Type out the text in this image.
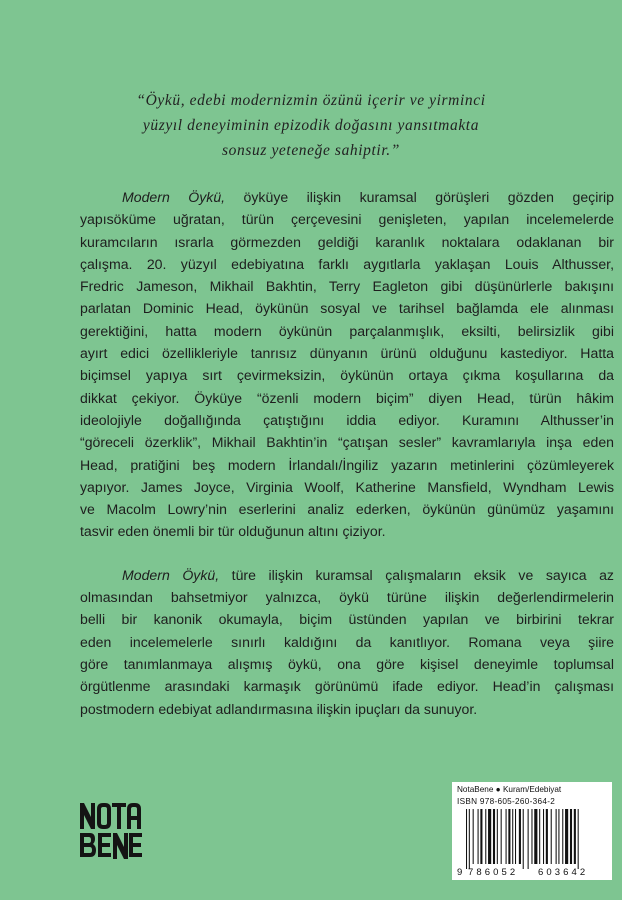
“Öykü, edebi modernizmin özünü içerir ve yirminci
yüzyıl deneyiminin epizodik doğasını yansıtmakta
sonsuz yeteneğe sahiptir.”
Modern Öykü, öyküye ilişkin kuramsal görüşleri gözden geçirip
yapısöküme uğratan, türün çerçevesini genişleten, yapılan incelemelerde
kuramcıların ısrarla görmezden geldiği karanlık noktalara odaklanan bir
çalışma. 20. yüzyıl edebiyatına farklı aygıtlarla yaklaşan Louis Althusser,
Fredric Jameson, Mikhail Bakhtin, Terry Eagleton gibi düşünürlerle bakışını
parlatan Dominic Head, öykünün sosyal ve tarihsel bağlamda ele alınması
gerektiğini, hatta modern öykünün parçalanmışlık, eksilti, belirsizlik gibi
ayırt edici özellikleriyle tanrısız dünyanın ürünü olduğunu kastediyor. Hatta
biçimsel yapıya sırt çevirmeksizin, öykünün ortaya çıkma koşullarına da
dikkat çekiyor. Öyküye “özenli modern biçim” diyen Head, türün hâkim
ideolojiyle doğallığında çatıştığını iddia ediyor. Kuramını Althusser’in
“göreceli özerklik”, Mikhail Bakhtin’in “çatışan sesler” kavramlarıyla inşa eden
Head, pratiğini beş modern İrlandalı/İngiliz yazarın metinlerini çözümleyerek
yapıyor. James Joyce, Virginia Woolf, Katherine Mansfield, Wyndham Lewis
ve Macolm Lowry’nin eserlerini analiz ederken, öykünün günümüz yaşamını
tasvir eden önemli bir tür olduğunun altını çiziyor.
Modern Öykü, türe ilişkin kuramsal çalışmaların eksik ve sayıca az
olmasından bahsetmiyor yalnızca, öykü türüne ilişkin değerlendirmelerin
belli bir kanonik okumayla, biçim üstünden yapılan ve birbirini tekrar
eden incelemelerle sınırlı kaldığını da kanıtlıyor. Romana veya şiire
göre tanımlanmaya alışmış öykü, ona göre kişisel deneyimle toplumsal
örgütlenme arasındaki karmaşık görünümü ifade ediyor. Head’in çalışması
postmodern edebiyat adlandırmasına ilişkin ipuçları da sunuyor.
NotaBene ● Kuram/Edebiyat
ISBN 978-605-260-364-2
9 786052 603642
